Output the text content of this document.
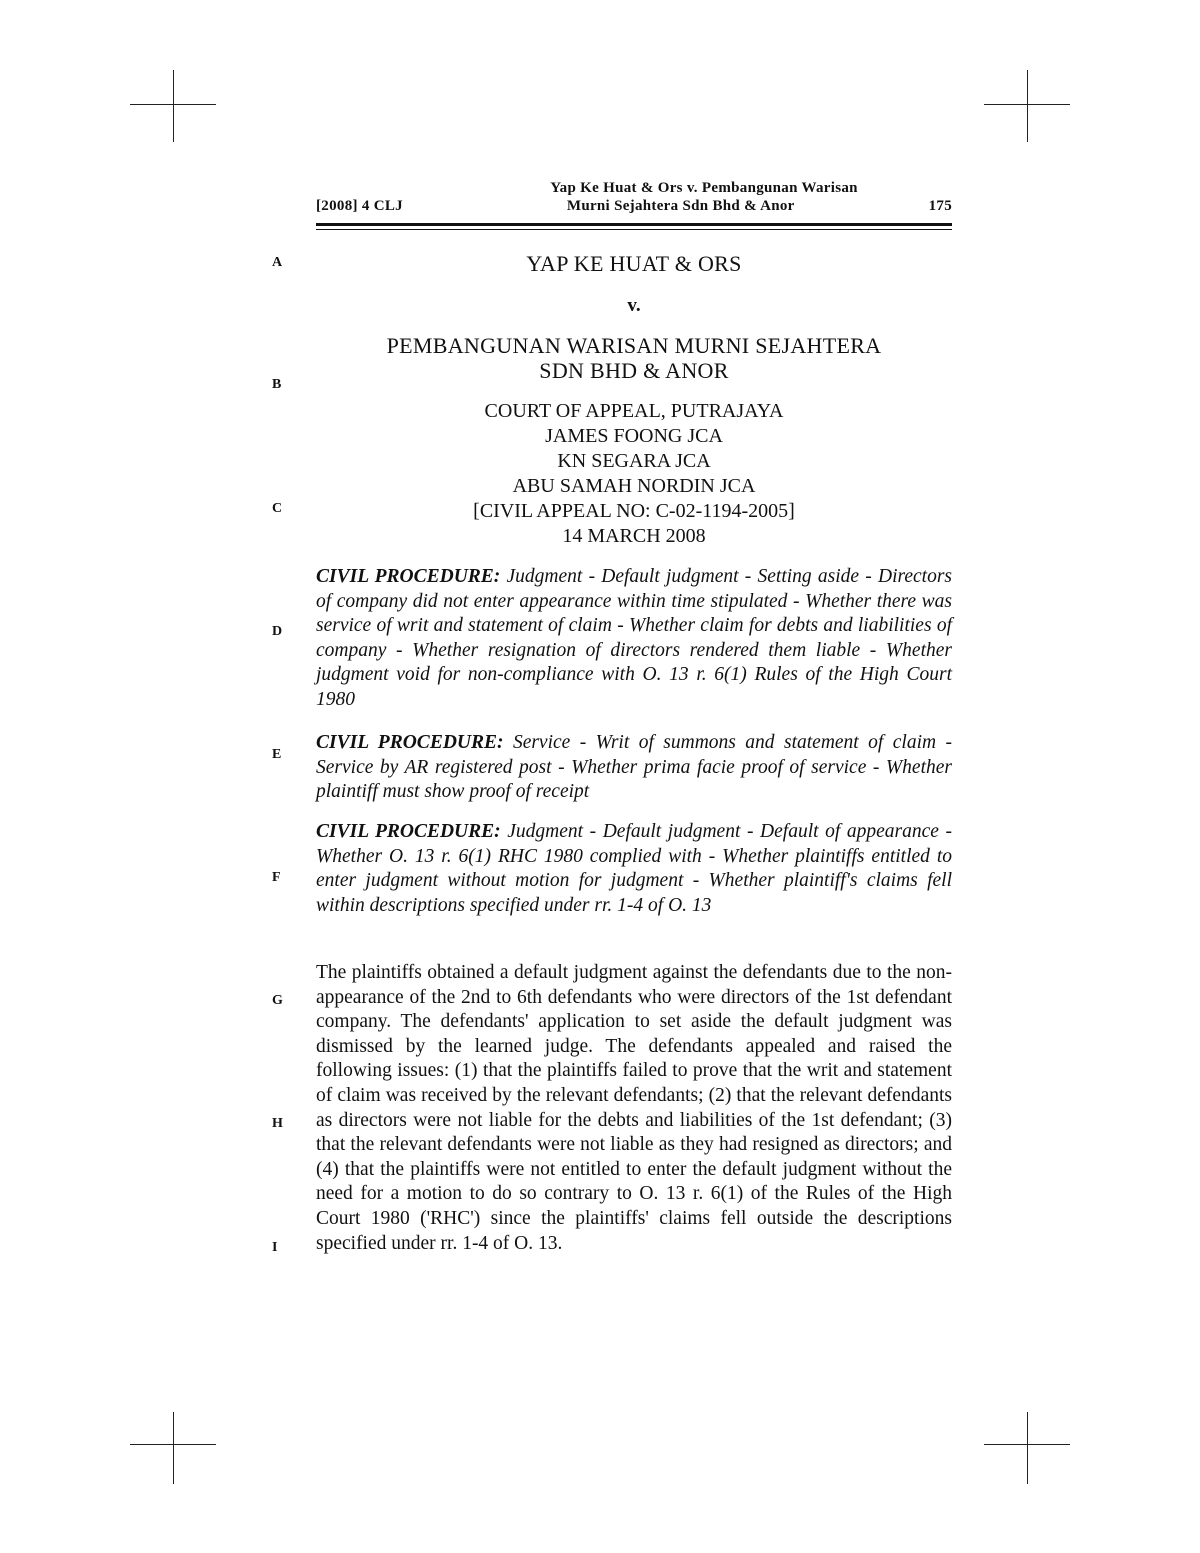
Yap Ke Huat & Ors v. Pembangunan Warisan
[2008] 4 CLJ	Murni Sejahtera Sdn Bhd & Anor	175
A
B
C
D
E
F
G
H
I
YAP KE HUAT & ORS
v.
PEMBANGUNAN WARISAN MURNI SEJAHTERA
SDN BHD & ANOR
COURT OF APPEAL, PUTRAJAYA
JAMES FOONG JCA
KN SEGARA JCA
ABU SAMAH NORDIN JCA
[CIVIL APPEAL NO: C-02-1194-2005]
14 MARCH 2008
CIVIL PROCEDURE: Judgment - Default judgment - Setting aside - Directors of company did not enter appearance within time stipulated - Whether there was service of writ and statement of claim - Whether claim for debts and liabilities of company - Whether resignation of directors rendered them liable - Whether judgment void for non-compliance with O. 13 r. 6(1) Rules of the High Court 1980
CIVIL PROCEDURE: Service - Writ of summons and statement of claim - Service by AR registered post - Whether prima facie proof of service - Whether plaintiff must show proof of receipt
CIVIL PROCEDURE: Judgment - Default judgment - Default of appearance - Whether O. 13 r. 6(1) RHC 1980 complied with - Whether plaintiffs entitled to enter judgment without motion for judgment - Whether plaintiff's claims fell within descriptions specified under rr. 1-4 of O. 13
The plaintiffs obtained a default judgment against the defendants due to the non-appearance of the 2nd to 6th defendants who were directors of the 1st defendant company. The defendants' application to set aside the default judgment was dismissed by the learned judge. The defendants appealed and raised the following issues: (1) that the plaintiffs failed to prove that the writ and statement of claim was received by the relevant defendants; (2) that the relevant defendants as directors were not liable for the debts and liabilities of the 1st defendant; (3) that the relevant defendants were not liable as they had resigned as directors; and (4) that the plaintiffs were not entitled to enter the default judgment without the need for a motion to do so contrary to O. 13 r. 6(1) of the Rules of the High Court 1980 ('RHC') since the plaintiffs' claims fell outside the descriptions specified under rr. 1-4 of O. 13.
